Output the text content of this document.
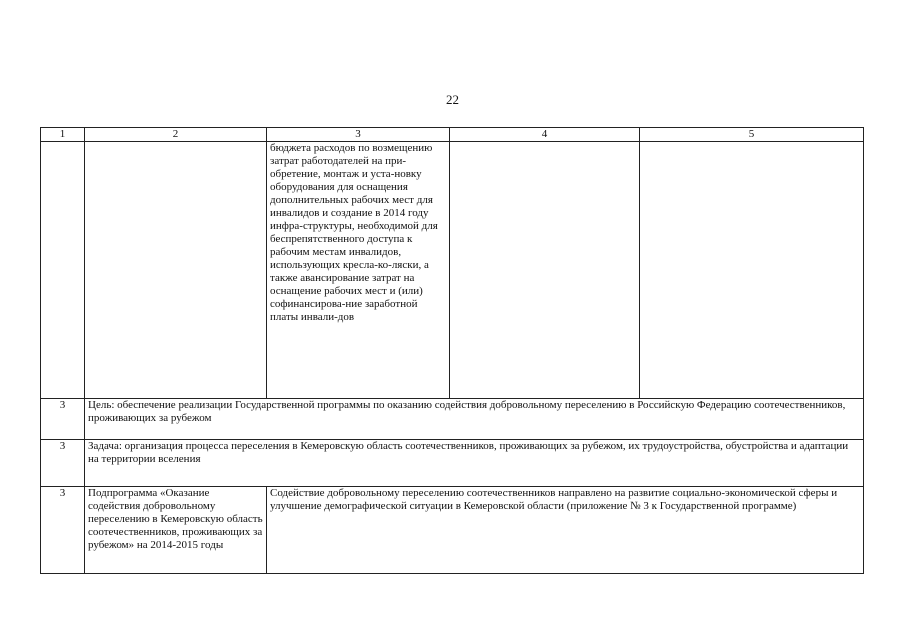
22
1	2	3	4	5
		бюджета расходов по возмещению затрат работодателей на при-обретение, монтаж и уста-новку оборудования для оснащения дополнительных рабочих мест для инвалидов и создание в 2014 году инфра-структуры, необходимой для беспрепятственного доступа к рабочим местам инвалидов, использующих кресла-ко-ляски, а также авансирование затрат на оснащение рабочих мест и (или) софинансирова-ние заработной платы инвали-дов		
3	Цель: обеспечение реализации Государственной программы по оказанию содействия добровольному переселению в Российскую Федерацию соотечественников, проживающих за рубежом			
3	Задача: организация процесса переселения в Кемеровскую область соотечественников, проживающих за рубежом, их трудоустройства, обустройства и адаптации на территории вселения			
3	Подпрограмма «Оказание содействия добровольному переселению в Кемеровскую область соотечественников, проживающих за рубежом» на 2014-2015 годы	Содействие добровольному переселению соотечественников направлено на развитие социально-экономической сферы и улучшение демографической ситуации в Кемеровской области (приложение № 3 к Государственной программе)		
